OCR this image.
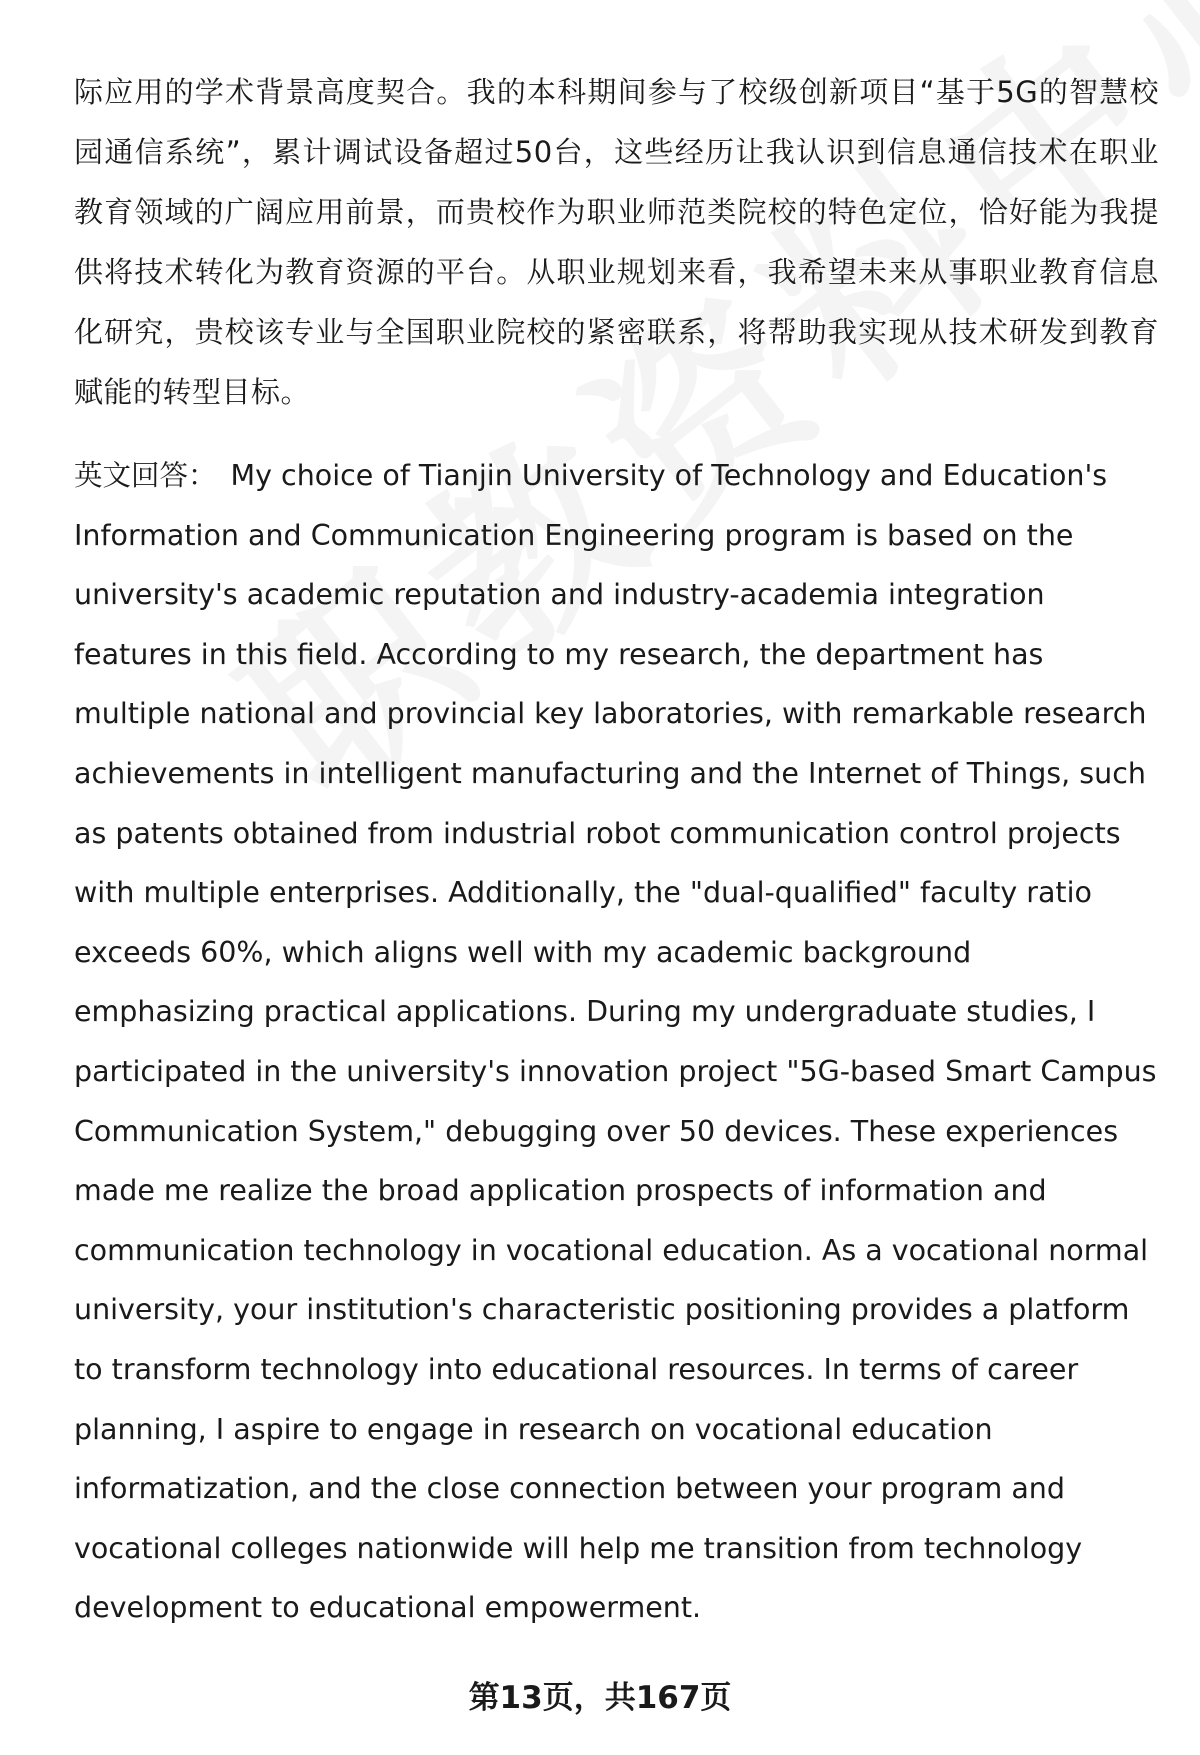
际应用的学术背景高度契合。我的本科期间参与了校级创新项目“基于5G的智慧校园通信系统”，累计调试设备超过50台，这些经历让我认识到信息通信技术在职业教育领域的广阔应用前景，而贵校作为职业师范类院校的特色定位，恰好能为我提供将技术转化为教育资源的平台。从职业规划来看，我希望未来从事职业教育信息化研究，贵校该专业与全国职业院校的紧密联系，将帮助我实现从技术研发到教育赋能的转型目标。

英文回答： My choice of Tianjin University of Technology and Education's Information and Communication Engineering program is based on the university's academic reputation and industry-academia integration features in this field. According to my research, the department has multiple national and provincial key laboratories, with remarkable research achievements in intelligent manufacturing and the Internet of Things, such as patents obtained from industrial robot communication control projects with multiple enterprises. Additionally, the "dual-qualified" faculty ratio exceeds 60%, which aligns well with my academic background emphasizing practical applications. During my undergraduate studies, I participated in the university's innovation project "5G-based Smart Campus Communication System," debugging over 50 devices. These experiences made me realize the broad application prospects of information and communication technology in vocational education. As a vocational normal university, your institution's characteristic positioning provides a platform to transform technology into educational resources. In terms of career planning, I aspire to engage in research on vocational education informatization, and the close connection between your program and vocational colleges nationwide will help me transition from technology development to educational empowerment.

第13页，共167页
